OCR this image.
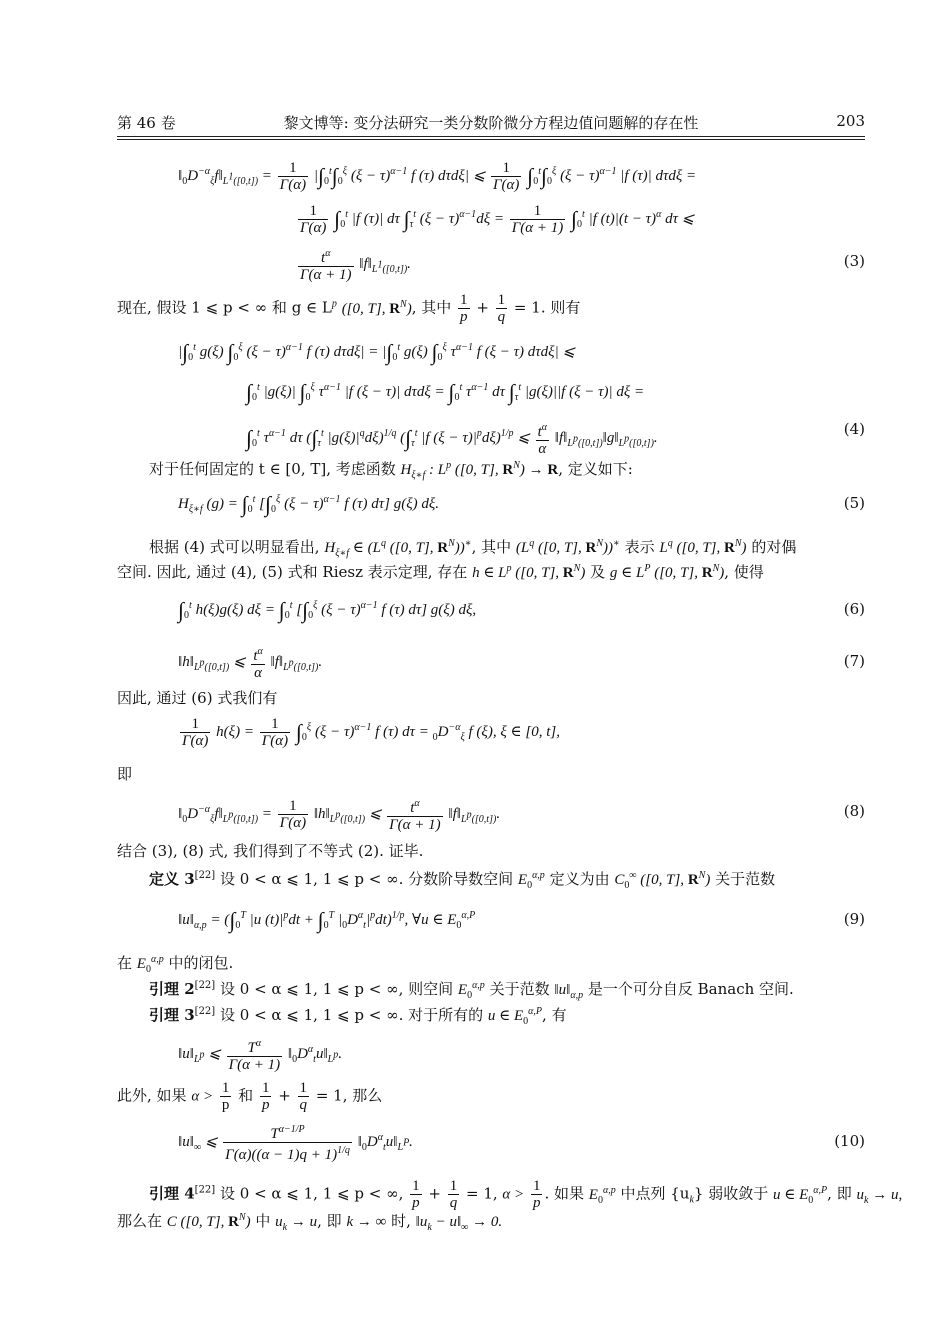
第 46 卷	黎文博等: 变分法研究一类分数阶微分方程边值问题解的存在性	203
$‖_0D^{-\alpha}_\xi f‖_{L^1([0,t])} = \frac{1}{\Gamma(\alpha)} |\int_0^t\int_0^\xi$ $(\xi - \tau)^{\alpha-1}$ f (τ) dτdξ| ⩽ $\frac{1}{\Gamma(\alpha)} \int_0^t\int_0^\xi$ $(\xi - \tau)^{\alpha-1}$ |f (τ)| dτdξ =
$\frac{1}{\Gamma(\alpha)} \int_0^t$ |f (τ)| dτ $\int_\tau^t$ $(\xi - \tau)^{\alpha-1}d\xi = \frac{1}{\Gamma(\alpha + 1)} \int_0^t$ |f $(t)|(t - \tau)^\alpha$ dτ ⩽
$\frac{t^\alpha}{\Gamma(\alpha + 1)}$ $‖f‖_{L^1([0,t])}$.	(3)
现在, 假设 1 ⩽ p < ∞ 和 g ∈ $L^p$ ([0, T], $R^N$), 其中 $\frac{1}{p} + \frac{1}{q} = 1$. 则有
$|\int_0^t$ g(ξ) $\int_0^\xi$ $(\xi - \tau)^{\alpha-1}$ f (τ) $d\tau d\xi| = |\int_0^t$ g(ξ) $\int_0^\xi$ $\tau^{\alpha-1}$ f (ξ − τ) dτdξ| ⩽
$\int_0^t$ |g(ξ)| $\int_0^\xi$ $\tau^{\alpha-1}$ |f (ξ − τ)| $d\tau d\xi = \int_0^t$ $\tau^{\alpha-1}$ dτ $\int_\tau^t$ |g(ξ)||f (ξ − τ)| dξ =
$\int_0^t$ $\tau^{\alpha-1}$ dτ ($\int_\tau^t$ $|g(\xi)|^qd\xi)^{1/q}$ ($\int_\tau^t$ |f $(\xi - \tau)|^pd\xi)^{1/p}$ ⩽ $\frac{t^\alpha}{\alpha}$ $‖f‖_{L^p([0,t])}‖g‖_{L^p([0,t])}$.	(4)
对于任何固定的 t ∈ [0, T], 考虑函数 $H_{\xi∗f}$ : $L^p$ ([0, T], $R^N) \to R$, 定义如下:
$H_{\xi∗f}$ $(g) = \int_0^t$ [$\int_0^\xi$ $(\xi - \tau)^{\alpha-1}$ f (τ) dτ] g(ξ) dξ.	(5)
根据 (4) 式可以明显看出, $H_{\xi∗f}$ ∈ ($L^q$ ([0, T], $R^N))^∗$, 其中 ($L^q$ ([0, T], $R^N))^∗$ 表示 $L^q$ ([0, T], $R^N$) 的对偶
空间. 因此, 通过 (4), (5) 式和 Riesz 表示定理, 存在 h ∈ $L^p$ ([0, T], $R^N$) 及 g ∈ $L^P$ ([0, T], $R^N$), 使得
$\int_0^t$ h(ξ)g(ξ) $d\xi = \int_0^t$ [$\int_0^\xi$ $(\xi - \tau)^{\alpha-1}$ f (τ) dτ] g(ξ) dξ,	(6)
$‖h‖_{L^p([0,t])}$ ⩽ $\frac{t^\alpha}{\alpha}$ $‖f‖_{L^p([0,t])}$.	(7)
因此, 通过 (6) 式我们有
$\frac{1}{\Gamma(\alpha)} h(\xi) = \frac{1}{\Gamma(\alpha)} \int_0^\xi$ $(\xi - \tau)^{\alpha-1}$ f (τ) $d\tau = _0D^{-\alpha}_\xi$ f (ξ), ξ ∈ [0, t],
即
$‖_0D^{-\alpha}_\xi f‖_{L^p([0,t])} = \frac{1}{\Gamma(\alpha)}$ $‖h‖_{L^p([0,t])}$ ⩽ $\frac{t^\alpha}{\Gamma(\alpha + 1)}$ $‖f‖_{L^p([0,t])}$.	(8)
结合 (3), (8) 式, 我们得到了不等式 (2). 证毕.
定义 3[22] 设 0 < α ⩽ 1, 1 ⩽ p < ∞. 分数阶导数空间 $E_0^{\alpha,p}$ 定义为由 $C_0^\infty$ ([0, T], $R^N$) 关于范数
$‖u‖_{\alpha,p} = (\int_0^T$ |u $(t)|^pdt + \int_0^T$ $|_0D^\alpha_t|^pdt)^{1/p}$, ∀u ∈ $E_0^{\alpha,P}$	(9)
在 $E_0^{\alpha,p}$ 中的闭包.
引理 2[22] 设 0 < α ⩽ 1, 1 ⩽ p < ∞, 则空间 $E_0^{\alpha,p}$ 关于范数 $‖u‖_{\alpha,p}$ 是一个可分自反 Banach 空间.
引理 3[22] 设 0 < α ⩽ 1, 1 ⩽ p < ∞. 对于所有的 u ∈ $E_0^{\alpha,P}$, 有
$‖u‖_{L^p}$ ⩽ $\frac{T^\alpha}{\Gamma(\alpha + 1)}$ $‖_0D^\alpha_tu‖_{L^p}$.
此外, 如果 $\alpha > \frac{1}{p}$ 和 $\frac{1}{p} + \frac{1}{q} = 1$, 那么
$‖u‖_\infty$ ⩽ $\frac{T^{\alpha-1/P}}{\Gamma(\alpha)((\alpha - 1)q + 1)^{1/q}}$ $‖_0D^\alpha_tu‖_{L^P}$.	(10)
引理 4[22] 设 0 < α ⩽ 1, 1 ⩽ p < ∞, $\frac{1}{p} + \frac{1}{q} = 1$, $\alpha > \frac{1}{p}$ . 如果 $E_0^{\alpha,p}$ 中点列 $\{u_k\}$ 弱收敛于 u ∈ $E_0^{\alpha,P}$, 即 $u_k \to u$,
那么在 C ([0, T], $R^N$) 中 $u_k \to u$, 即 k → ∞ 时, $‖u_k$ − $u‖_\infty \to 0$.
